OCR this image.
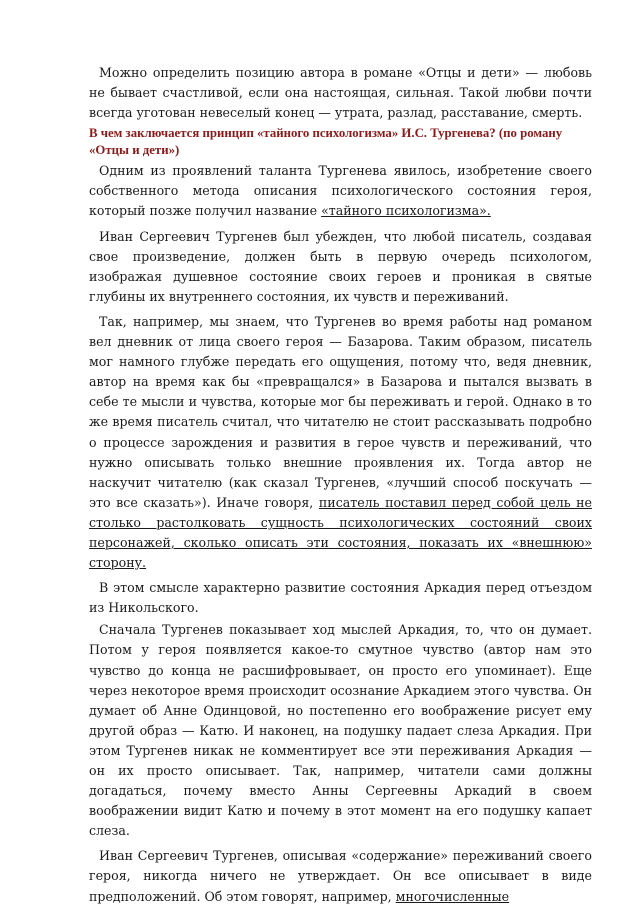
Можно определить позицию автора в романе «Отцы и дети» — любовь не бывает счастливой, если она настоящая, сильная. Такой любви почти всегда уготован невеселый конец — утрата, разлад, расставание, смерть.

В чем заключается принцип «тайного психологизма» И.С. Тургенева? (по роману «Отцы и дети»)

Одним из проявлений таланта Тургенева явилось, изобретение своего собственного метода описания психологического состояния героя, который позже получил название «тайного психологизма».

Иван Сергеевич Тургенев был убежден, что любой писатель, создавая свое произведение, должен быть в первую очередь психологом, изображая душевное состояние своих героев и проникая в святые глубины их внутреннего состояния, их чувств и переживаний.

Так, например, мы знаем, что Тургенев во время работы над романом вел дневник от лица своего героя — Базарова. Таким образом, писатель мог намного глубже передать его ощущения, потому что, ведя дневник, автор на время как бы «превращался» в Базарова и пытался вызвать в себе те мысли и чувства, которые мог бы переживать и герой. Однако в то же время писатель считал, что читателю не стоит рассказывать подробно о процессе зарождения и развития в герое чувств и переживаний, что нужно описывать только внешние проявления их. Тогда автор не наскучит читателю (как сказал Тургенев, «лучший способ поскучать — это все сказать»). Иначе говоря, писатель поставил перед собой цель не столько растолковать сущность психологических состояний своих персонажей, сколько описать эти состояния, показать их «внешнюю» сторону.

В этом смысле характерно развитие состояния Аркадия перед отъездом из Никольского.

Сначала Тургенев показывает ход мыслей Аркадия, то, что он думает. Потом у героя появляется какое-то смутное чувство (автор нам это чувство до конца не расшифровывает, он просто его упоминает). Еще через некоторое время происходит осознание Аркадием этого чувства. Он думает об Анне Одинцовой, но постепенно его воображение рисует ему другой образ — Катю. И наконец, на подушку падает слеза Аркадия. При этом Тургенев никак не комментирует все эти переживания Аркадия — он их просто описывает. Так, например, читатели сами должны догадаться, почему вместо Анны Сергеевны Аркадий в своем воображении видит Катю и почему в этот момент на его подушку капает слеза.

Иван Сергеевич Тургенев, описывая «содержание» переживаний своего героя, никогда ничего не утверждает. Он все описывает в виде предположений. Об этом говорят, например, многочисленные
